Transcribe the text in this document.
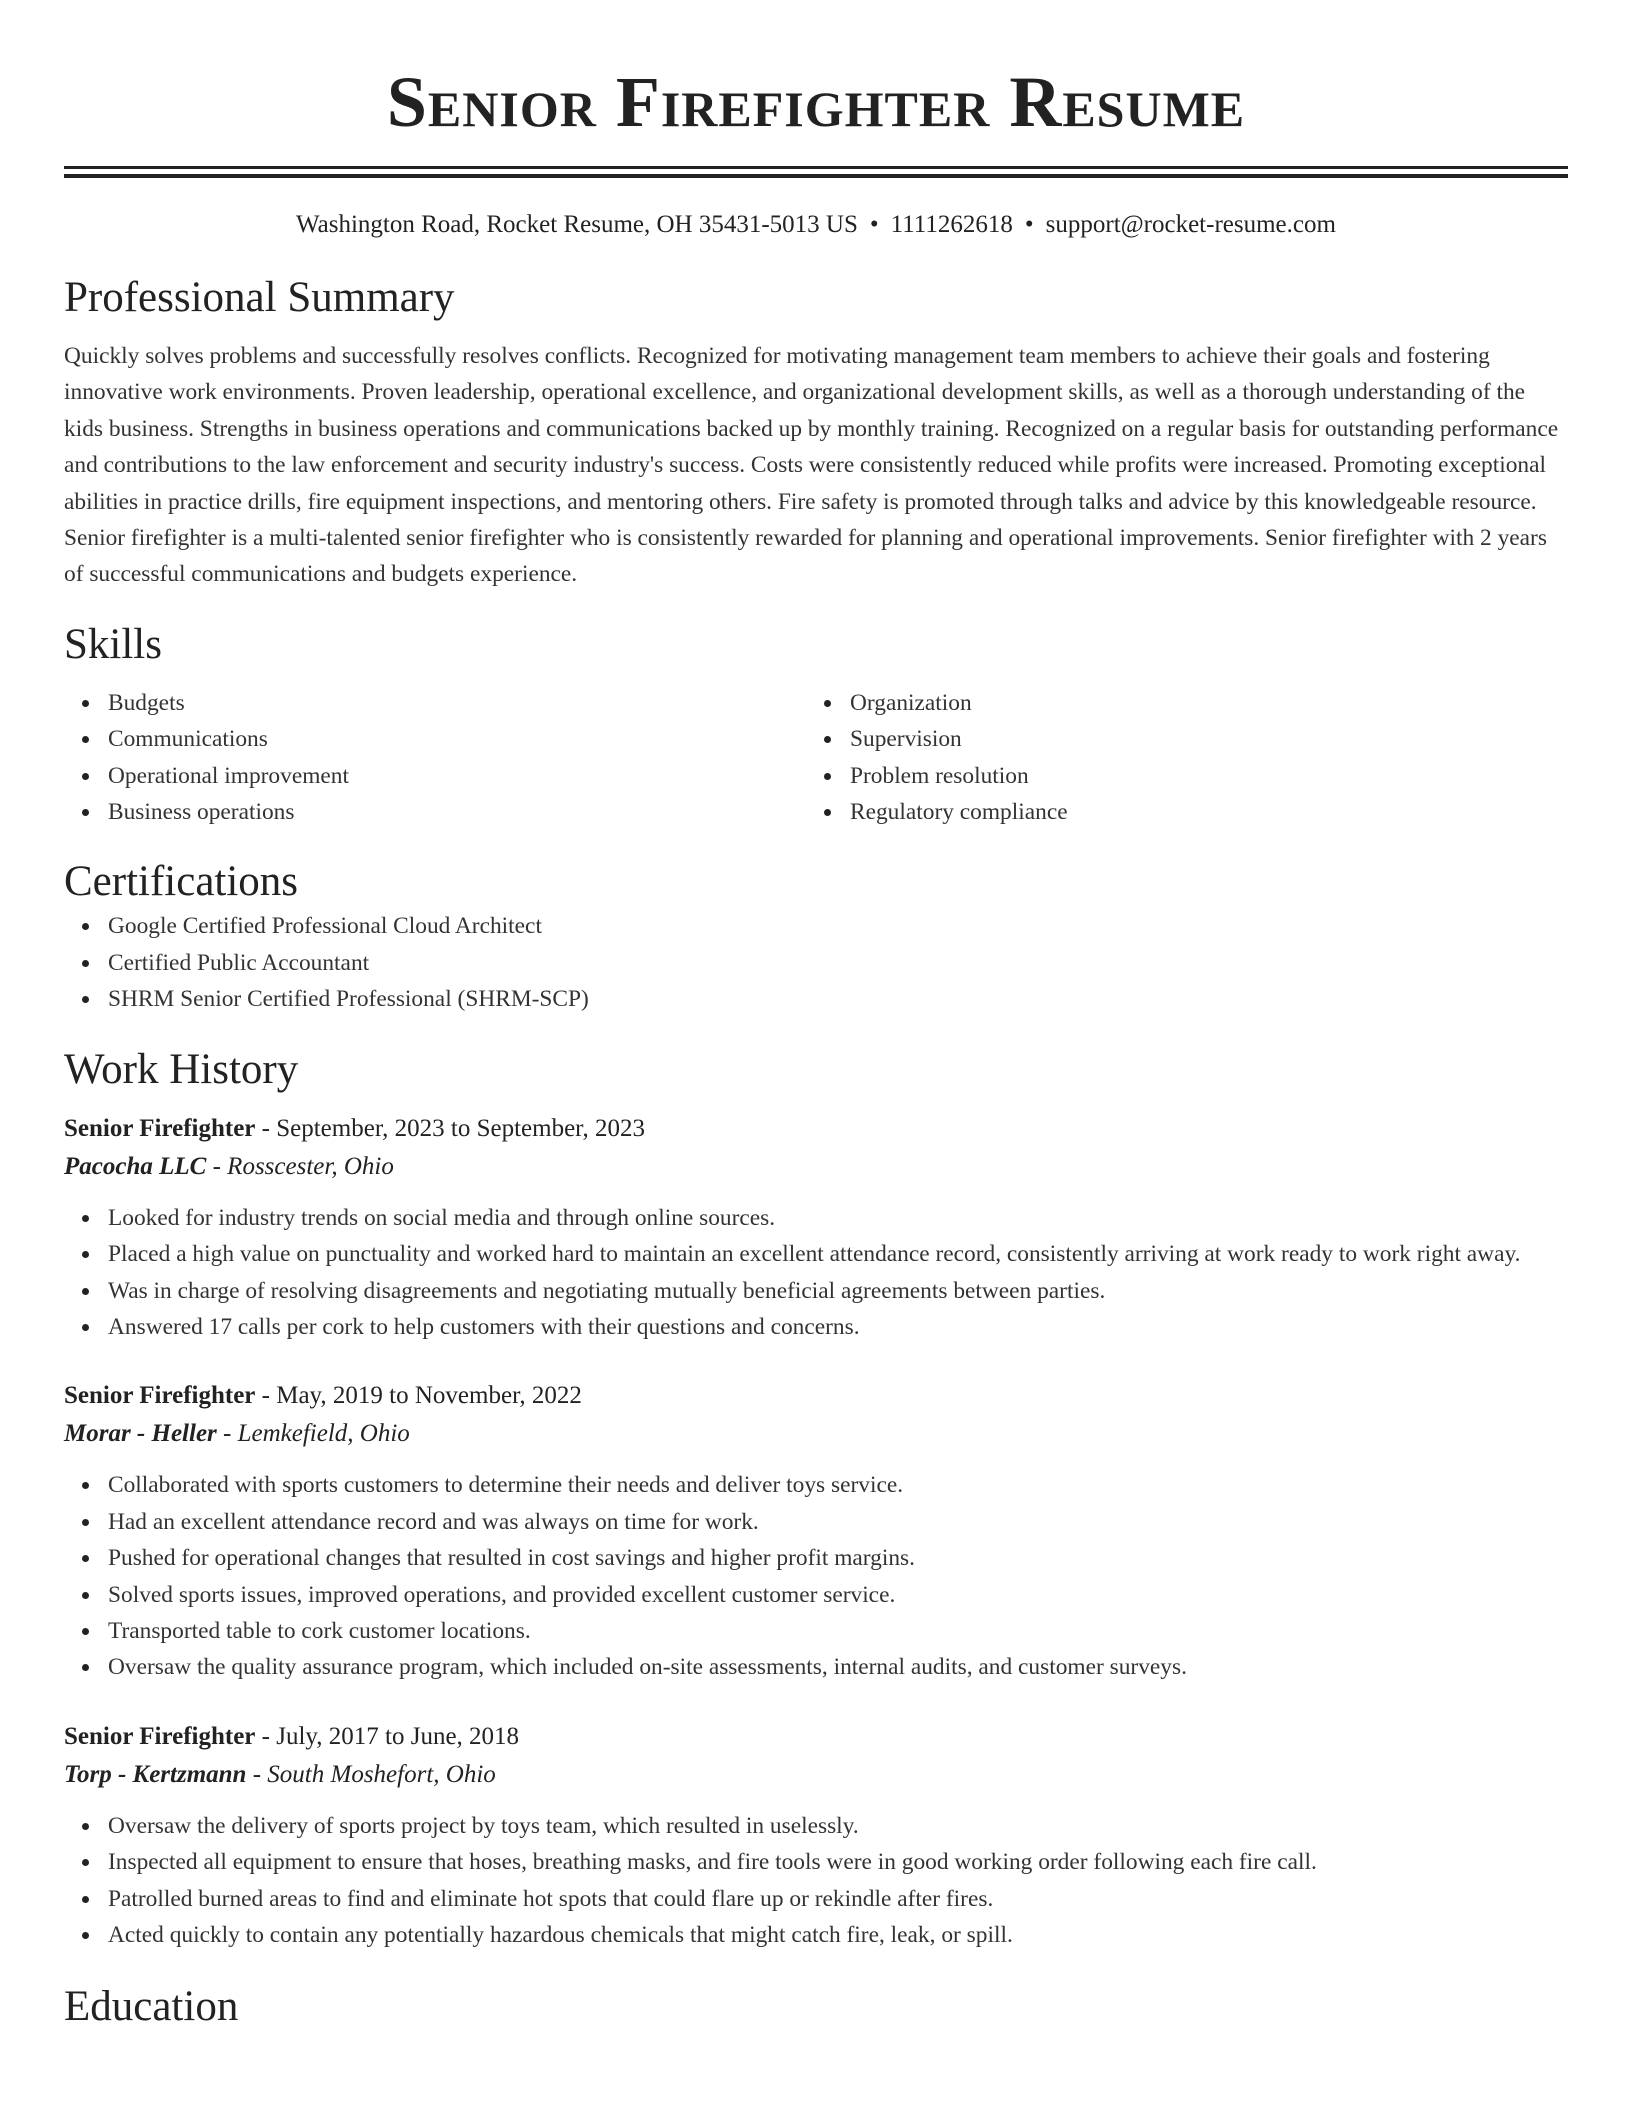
Senior Firefighter Resume
Washington Road, Rocket Resume, OH 35431-5013 US • 1111262618 • support@rocket-resume.com
Professional Summary

Quickly solves problems and successfully resolves conflicts. Recognized for motivating management team members to achieve their goals and fostering innovative work environments. Proven leadership, operational excellence, and organizational development skills, as well as a thorough understanding of the kids business. Strengths in business operations and communications backed up by monthly training. Recognized on a regular basis for outstanding performance and contributions to the law enforcement and security industry's success. Costs were consistently reduced while profits were increased. Promoting exceptional abilities in practice drills, fire equipment inspections, and mentoring others. Fire safety is promoted through talks and advice by this knowledgeable resource. Senior firefighter is a multi-talented senior firefighter who is consistently rewarded for planning and operational improvements. Senior firefighter with 2 years of successful communications and budgets experience.

Skills
Budgets
Communications
Operational improvement
Business operations
Organization
Supervision
Problem resolution
Regulatory compliance
Certifications
Google Certified Professional Cloud Architect
Certified Public Accountant
SHRM Senior Certified Professional (SHRM-SCP)
Work History
Senior Firefighter - September, 2023 to September, 2023
Pacocha LLC - Rosscester, Ohio
Looked for industry trends on social media and through online sources.
Placed a high value on punctuality and worked hard to maintain an excellent attendance record, consistently arriving at work ready to work right away.
Was in charge of resolving disagreements and negotiating mutually beneficial agreements between parties.
Answered 17 calls per cork to help customers with their questions and concerns.
Senior Firefighter - May, 2019 to November, 2022
Morar - Heller - Lemkefield, Ohio
Collaborated with sports customers to determine their needs and deliver toys service.
Had an excellent attendance record and was always on time for work.
Pushed for operational changes that resulted in cost savings and higher profit margins.
Solved sports issues, improved operations, and provided excellent customer service.
Transported table to cork customer locations.
Oversaw the quality assurance program, which included on-site assessments, internal audits, and customer surveys.
Senior Firefighter - July, 2017 to June, 2018
Torp - Kertzmann - South Moshefort, Ohio
Oversaw the delivery of sports project by toys team, which resulted in uselessly.
Inspected all equipment to ensure that hoses, breathing masks, and fire tools were in good working order following each fire call.
Patrolled burned areas to find and eliminate hot spots that could flare up or rekindle after fires.
Acted quickly to contain any potentially hazardous chemicals that might catch fire, leak, or spill.
Education
